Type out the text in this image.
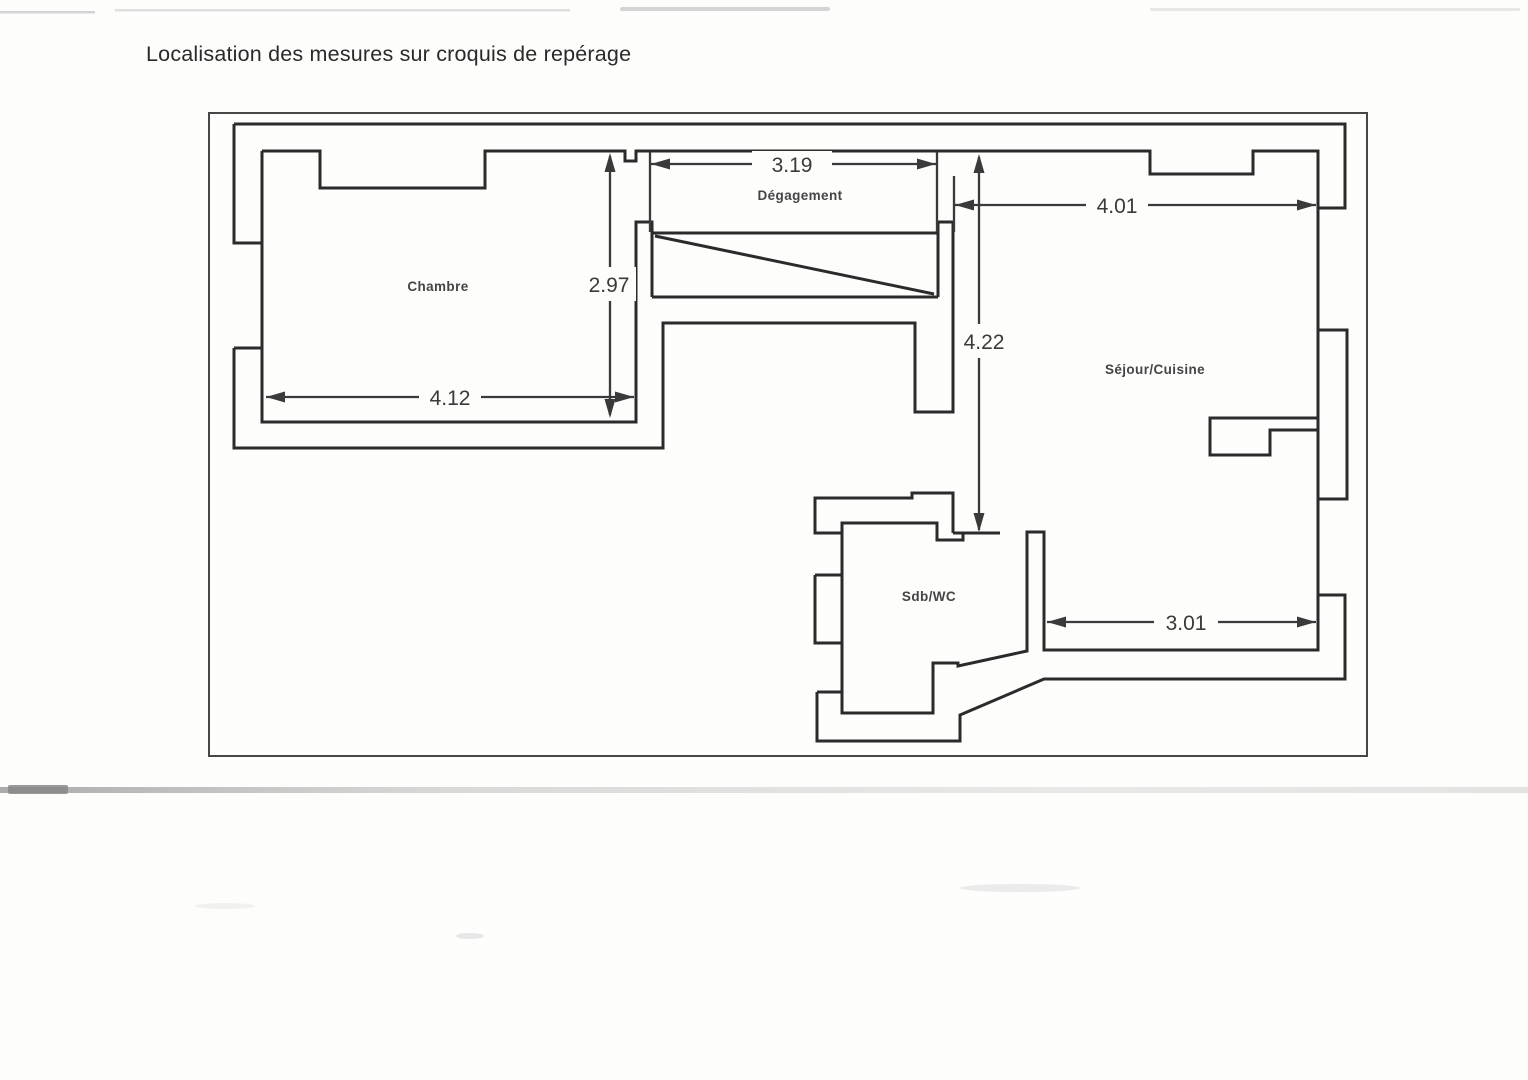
Localisation des mesures sur croquis de repérage
3.19
2.97
4.12
4.01
4.22
3.01
Chambre
Dégagement
Séjour/Cuisine
Sdb/WC
